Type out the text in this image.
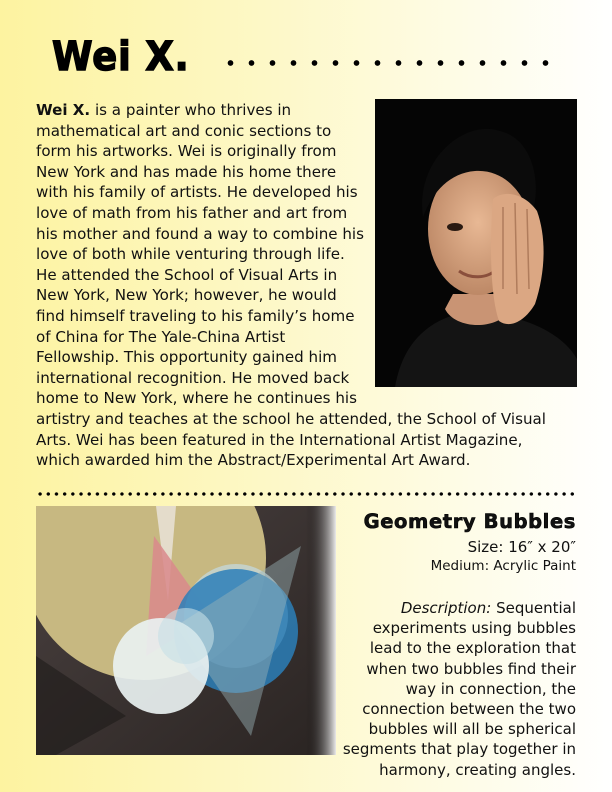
Wei X.
Wei X. is a painter who thrives in mathematical art and conic sections to form his artworks. Wei is originally from New York and has made his home there with his family of artists. He developed his love of math from his father and art from his mother and found a way to combine his love of both while venturing through life. He attended the School of Visual Arts in New York, New York; however, he would find himself traveling to his family’s home of China for The Yale-China Artist Fellowship. This opportunity gained him international recognition. He moved back home to New York, where he continues his artistry and teaches at the school he attended, the School of Visual Arts. Wei has been featured in the International Artist Magazine, which awarded him the Abstract/Experimental Art Award.
Geometry Bubbles
Size: 16″ x 20″
Medium: Acrylic Paint
Description: Sequential experiments using bubbles lead to the exploration that when two bubbles find their way in connection, the connection between the two bubbles will all be spherical segments that play together in harmony, creating angles.
